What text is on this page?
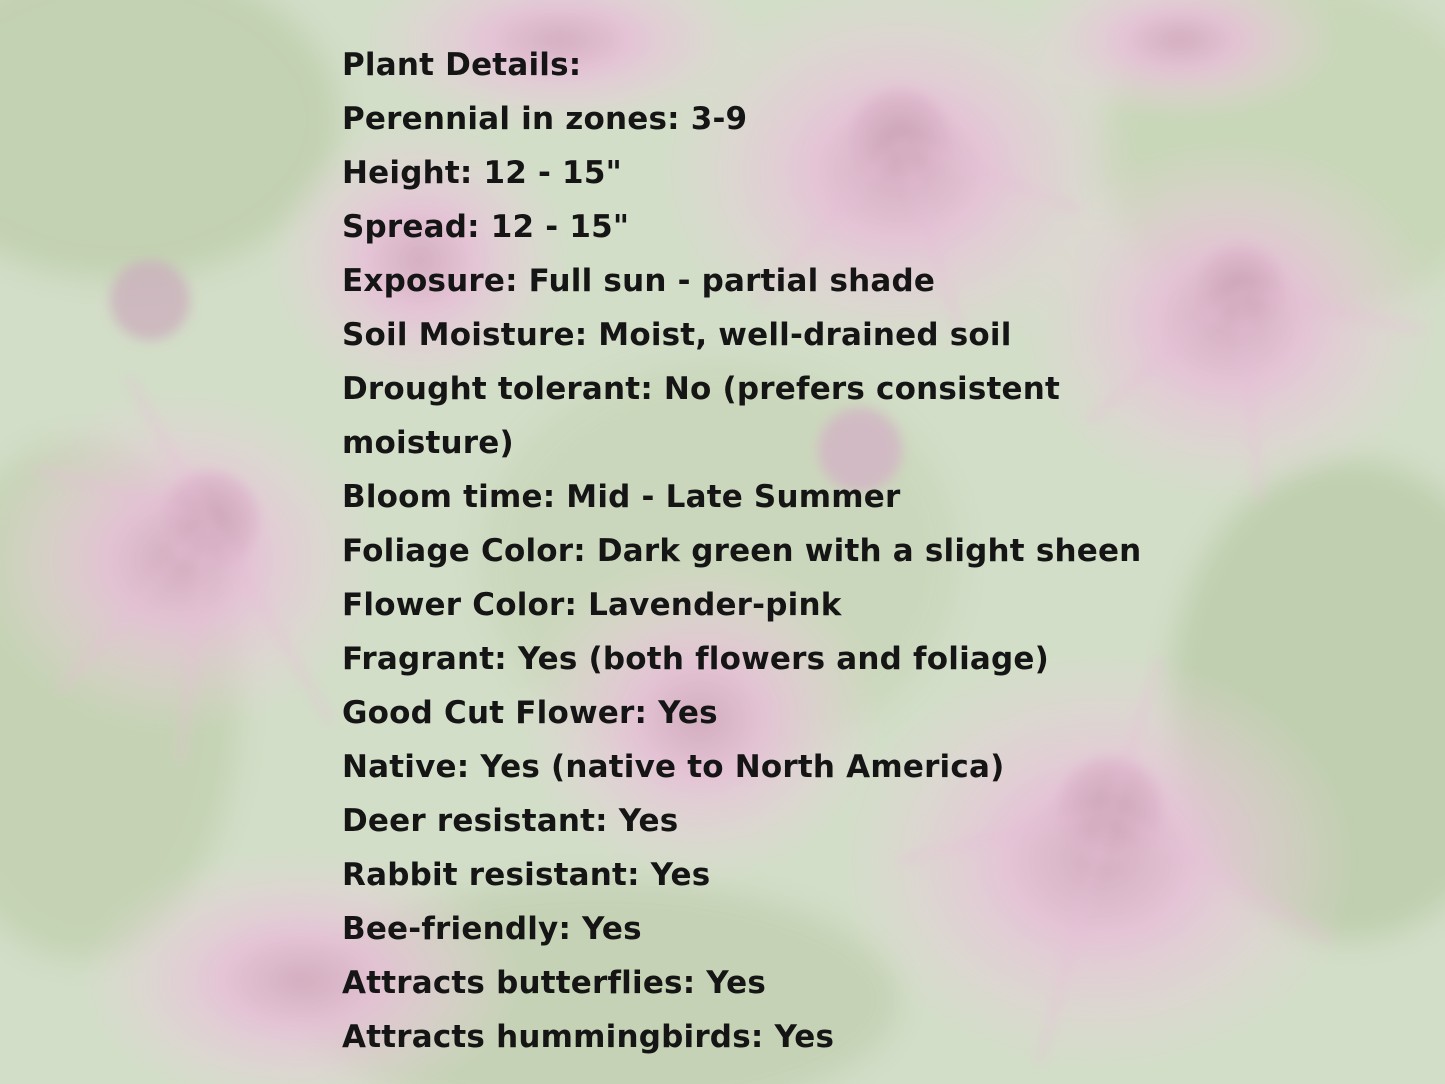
Plant Details:
Perennial in zones: 3-9
Height: 12 - 15"
Spread: 12 - 15"
Exposure: Full sun - partial shade
Soil Moisture: Moist, well-drained soil
Drought tolerant: No (prefers consistent
moisture)
Bloom time: Mid - Late Summer
Foliage Color: Dark green with a slight sheen
Flower Color: Lavender-pink
Fragrant: Yes (both flowers and foliage)
Good Cut Flower: Yes
Native: Yes (native to North America)
Deer resistant: Yes
Rabbit resistant: Yes
Bee-friendly: Yes
Attracts butterflies: Yes
Attracts hummingbirds: Yes
